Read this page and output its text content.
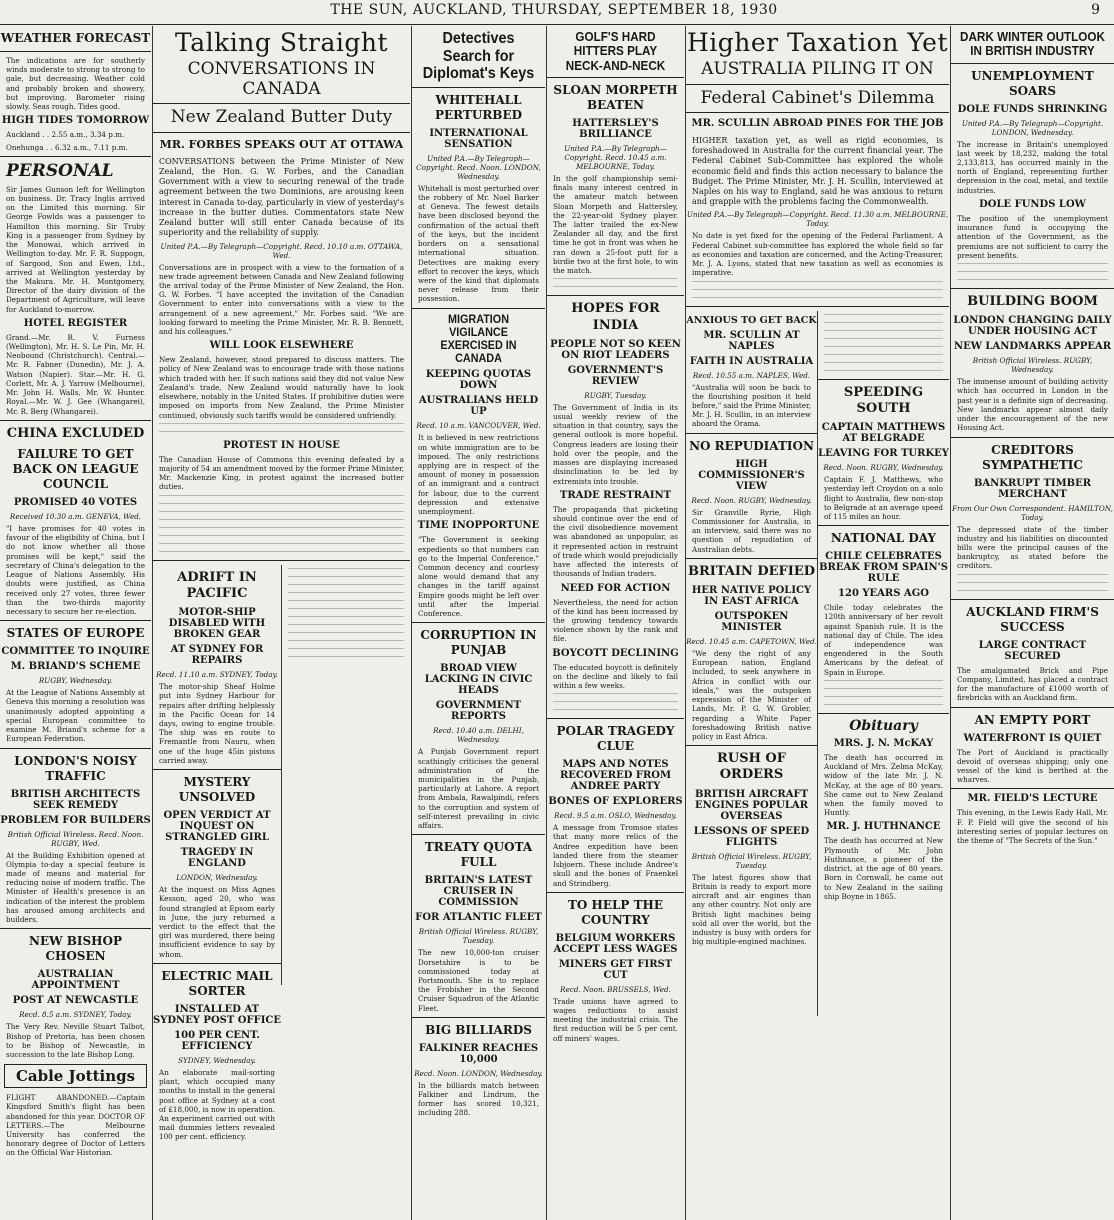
THE SUN, AUCKLAND, THURSDAY, SEPTEMBER 18, 1930	9
WEATHER FORECAST
The indications are for southerly winds moderate to strong to strong to gale, but decreasing. Weather cold and probably broken and showery, but improving. Barometer rising slowly. Seas rough. Tides good.
HIGH TIDES TOMORROW
Auckland . . 2.55 a.m., 3.34 p.m.
Onehunga . . 6.32 a.m., 7.11 p.m.
PERSONAL
Sir James Gunson left for Wellington on business. Dr. Tracy Inglis arrived on the Limited this morning. Sir George Fowlds was a passenger to Hamilton this morning. Sir Truby King is a passenger from Sydney by the Monowai, which arrived in Wellington to-day. Mr. F. R. Suppogn, of Sargood, Son and Ewen, Ltd., arrived at Wellington yesterday by the Makura. Mr. H. Montgomery, Director of the dairy division of the Department of Agriculture, will leave for Auckland to-morrow.
HOTEL REGISTER
Grand.—Mr. R. V. Furness (Wellington), Mr. H. S. Le Pin, Mr. H. Neobound (Christchurch). Central.—Mr. R. Fabner (Dunedin), Mr. J. A. Watson (Napier). Star.—Mr. H. G. Corlett, Mr. A. J. Yarrow (Melbourne), Mr. John H. Walls, Mr. W. Hunter. Royal.—Mr. W. J. Gee (Whangarei), Mr. R. Berg (Whangarei).
CHINA EXCLUDED
FAILURE TO GET BACK ON LEAGUE COUNCIL
PROMISED 40 VOTES
Received 10.30 a.m. GENEVA, Wed.
"I have promises for 40 votes in favour of the eligibility of China, but I do not know whether all those promises will be kept," said the secretary of China's delegation to the League of Nations Assembly. His doubts were justified, as China received only 27 votes, three fewer than the two-thirds majority necessary to secure her re-election.
STATES OF EUROPE
COMMITTEE TO INQUIRE
M. BRIAND'S SCHEME
RUGBY, Wednesday.
At the League of Nations Assembly at Geneva this morning a resolution was unanimously adopted appointing a special European committee to examine M. Briand's scheme for a European Federation.
LONDON'S NOISY TRAFFIC
BRITISH ARCHITECTS SEEK REMEDY
PROBLEM FOR BUILDERS
British Official Wireless. Recd. Noon. RUGBY, Wed.
At the Building Exhibition opened at Olympia to-day a special feature is made of means and material for reducing noise of modern traffic. The Minister of Health's presence is an indication of the interest the problem has aroused among architects and builders.
NEW BISHOP CHOSEN
AUSTRALIAN APPOINTMENT
POST AT NEWCASTLE
Recd. 8.5 a.m. SYDNEY, Today.
The Very Rev. Neville Stuart Talbot, Bishop of Pretoria, has been chosen to be Bishop of Newcastle, in succession to the late Bishop Long.
Cable Jottings
FLIGHT ABANDONED.—Captain Kingsford Smith's flight has been abandoned for this year. DOCTOR OF LETTERS.—The Melbourne University has conferred the honorary degree of Doctor of Letters on the Official War Historian.
Talking Straight
CONVERSATIONS IN CANADA
New Zealand Butter Duty
MR. FORBES SPEAKS OUT AT OTTAWA
CONVERSATIONS between the Prime Minister of New Zealand, the Hon. G. W. Forbes, and the Canadian Government with a view to securing renewal of the trade agreement between the two Dominions, are arousing keen interest in Canada to-day, particularly in view of yesterday's increase in the butter duties. Commentators state New Zealand butter will still enter Canada because of its superiority and the reliability of supply.
United P.A.—By Telegraph—Copyright. Recd. 10.10 a.m. OTTAWA, Wed.
Conversations are in prospect with a view to the formation of a new trade agreement between Canada and New Zealand following the arrival today of the Prime Minister of New Zealand, the Hon. G. W. Forbes. "I have accepted the invitation of the Canadian Government to enter into conversations with a view to the arrangement of a new agreement," Mr. Forbes said. "We are looking forward to meeting the Prime Minister, Mr. R. B. Bennett, and his colleagues."
WILL LOOK ELSEWHERE
New Zealand, however, stood prepared to discuss matters. The policy of New Zealand was to encourage trade with those nations which traded with her. If such nations said they did not value New Zealand's trade, New Zealand would naturally have to look elsewhere, notably in the United States. If prohibitive duties were imposed on imports from New Zealand, the Prime Minister continued, obviously such tariffs would be considered unfriendly.
PROTEST IN HOUSE
The Canadian House of Commons this evening defeated by a majority of 54 an amendment moved by the former Prime Minister, Mr. Mackenzie King, in protest against the increased butter duties.
ADRIFT IN PACIFIC
MOTOR-SHIP DISABLED WITH BROKEN GEAR
AT SYDNEY FOR REPAIRS
Recd. 11.10 a.m. SYDNEY, Today.
The motor-ship Sheaf Holme put into Sydney Harbour for repairs after drifting helplessly in the Pacific Ocean for 14 days, owing to engine trouble. The ship was en route to Fremantle from Nauru, when one of the huge 45in pistons carried away.
MYSTERY UNSOLVED
OPEN VERDICT AT INQUEST ON STRANGLED GIRL
TRAGEDY IN ENGLAND
LONDON, Wednesday.
At the inquest on Miss Agnes Kesson, aged 20, who was found strangled at Epsom early in June, the jury returned a verdict to the effect that the girl was murdered, there being insufficient evidence to say by whom.
ELECTRIC MAIL SORTER
INSTALLED AT SYDNEY POST OFFICE
100 PER CENT. EFFICIENCY
SYDNEY, Wednesday.
An elaborate mail-sorting plant, which occupied many months to install in the general post office at Sydney at a cost of £18,000, is now in operation. An experiment carried out with mail dummies letters revealed 100 per cent. efficiency.
Detectives Search for Diplomat's Keys
WHITEHALL PERTURBED
INTERNATIONAL SENSATION
United P.A.—By Telegraph—Copyright. Recd. Noon. LONDON, Wednesday.
Whitehall is most perturbed over the robbery of Mr. Noel Barker at Geneva. The fewest details have been disclosed beyond the confirmation of the actual theft of the keys, but the incident borders on a sensational international situation. Detectives are making every effort to recover the keys, which were of the kind that diplomats never release from their possession.
MIGRATION VIGILANCE EXERCISED IN CANADA
KEEPING QUOTAS DOWN
AUSTRALIANS HELD UP
Recd. 10 a.m. VANCOUVER, Wed.
It is believed in new restrictions on white immigration are to be imposed. The only restrictions applying are in respect of the amount of money in possession of an immigrant and a contract for labour, due to the current depression and extensive unemployment.
TIME INOPPORTUNE
"The Government is seeking expedients so that numbers can go to the Imperial Conference." Common decency and courtesy alone would demand that any changes in the tariff against Empire goods might be left over until after the Imperial Conference.
CORRUPTION IN PUNJAB
BROAD VIEW LACKING IN CIVIC HEADS
GOVERNMENT REPORTS
Recd. 10.40 a.m. DELHI, Wednesday.
A Punjab Government report scathingly criticises the general administration of the municipalities in the Punjab, particularly at Lahore. A report from Ambala, Rawalpindi, refers to the corruption and system of self-interest prevailing in civic affairs.
TREATY QUOTA FULL
BRITAIN'S LATEST CRUISER IN COMMISSION
FOR ATLANTIC FLEET
British Official Wireless. RUGBY, Tuesday.
The new 10,000-ton cruiser Dorsetshire is to be commissioned today at Portsmouth. She is to replace the Frobisher in the Second Cruiser Squadron of the Atlantic Fleet.
BIG BILLIARDS
FALKINER REACHES 10,000
Recd. Noon. LONDON, Wednesday.
In the billiards match between Falkiner and Lindrum, the former has scored 10,321, including 288.
GOLF'S HARD HITTERS PLAY NECK-AND-NECK
SLOAN MORPETH BEATEN
HATTERSLEY'S BRILLIANCE
United P.A.—By Telegraph—Copyright. Recd. 10.45 a.m. MELBOURNE, Today.
In the golf championship semi-finals many interest centred in the amateur match between Sloan Morpeth and Hattersley, the 22-year-old Sydney player. The latter trailed the ex-New Zealander all day, and the first time he got in front was when he ran down a 25-foot putt for a birdie two at the first hole, to win the match.
HOPES FOR INDIA
PEOPLE NOT SO KEEN ON RIOT LEADERS
GOVERNMENT'S REVIEW
RUGBY, Tuesday.
The Government of India in its usual weekly review of the situation in that country, says the general outlook is more hopeful. Congress leaders are losing their hold over the people, and the masses are displaying increased disinclination to be led by extremists into trouble.
TRADE RESTRAINT
The propaganda that picketing should continue over the end of the civil disobedience movement was abandoned as unpopular, as it represented action in restraint of trade which would prejudicially have affected the interests of thousands of Indian traders.
NEED FOR ACTION
Nevertheless, the need for action of the kind has been increased by the growing tendency towards violence shown by the rank and file.
BOYCOTT DECLINING
The educated boycott is definitely on the decline and likely to fail within a few weeks.
POLAR TRAGEDY CLUE
MAPS AND NOTES RECOVERED FROM ANDREE PARTY
BONES OF EXPLORERS
Recd. 9.5 a.m. OSLO, Wednesday.
A message from Tromsoe states that many more relics of the Andree expedition have been landed there from the steamer Isbjoern. These include Andree's skull and the bones of Fraenkel and Strindberg.
TO HELP THE COUNTRY
BELGIUM WORKERS ACCEPT LESS WAGES
MINERS GET FIRST CUT
Recd. Noon. BRUSSELS, Wed.
Trade unions have agreed to wages reductions to assist meeting the industrial crisis. The first reduction will be 5 per cent. off miners' wages.
Higher Taxation Yet
AUSTRALIA PILING IT ON
Federal Cabinet's Dilemma
MR. SCULLIN ABROAD PINES FOR THE JOB
HIGHER taxation yet, as well as rigid economies, is foreshadowed in Australia for the current financial year. The Federal Cabinet Sub-Committee has explored the whole economic field and finds this action necessary to balance the Budget. The Prime Minister, Mr. J. H. Scullin, interviewed at Naples on his way to England, said he was anxious to return and grapple with the problems facing the Commonwealth.
United P.A.—By Telegraph—Copyright. Recd. 11.30 a.m. MELBOURNE, Today.
No date is yet fixed for the opening of the Federal Parliament. A Federal Cabinet sub-committee has explored the whole field so far as economies and taxation are concerned, and the Acting-Treasurer, Mr. J. A. Lyons, stated that new taxation as well as economies is imperative.
ANXIOUS TO GET BACK
MR. SCULLIN AT NAPLES
FAITH IN AUSTRALIA
Recd. 10.55 a.m. NAPLES, Wed.
"Australia will soon be back to the flourishing position it held before," said the Prime Minister, Mr. J. H. Scullin, in an interview aboard the Orama.
NO REPUDIATION
HIGH COMMISSIONER'S VIEW
Recd. Noon. RUGBY, Wednesday.
Sir Granville Ryrie, High Commissioner for Australia, in an interview, said there was no question of repudiation of Australian debts.
BRITAIN DEFIED
HER NATIVE POLICY IN EAST AFRICA
OUTSPOKEN MINISTER
Recd. 10.45 a.m. CAPETOWN, Wed.
"We deny the right of any European nation, England included, to seek anywhere in Africa in conflict with our ideals," was the outspoken expression of the Minister of Lands, Mr. P. G. W. Grobler, regarding a White Paper foreshadowing British native policy in East Africa.
RUSH OF ORDERS
BRITISH AIRCRAFT ENGINES POPULAR OVERSEAS
LESSONS OF SPEED FLIGHTS
British Official Wireless. RUGBY, Tuesday.
The latest figures show that Britain is ready to export more aircraft and air engines than any other country. Not only are British light machines being sold all over the world, but the industry is busy with orders for big multiple-engined machines.
SPEEDING SOUTH
CAPTAIN MATTHEWS AT BELGRADE
LEAVING FOR TURKEY
Recd. Noon. RUGBY, Wednesday.
Captain F. J. Matthews, who yesterday left Croydon on a solo flight to Australia, flew non-stop to Belgrade at an average speed of 115 miles an hour.
NATIONAL DAY
CHILE CELEBRATES BREAK FROM SPAIN'S RULE
120 YEARS AGO
Chile today celebrates the 120th anniversary of her revolt against Spanish rule. It is the national day of Chile. The idea of independence was engendered in the South Americans by the defeat of Spain in Europe.
Obituary
MRS. J. N. McKAY
The death has occurred in Auckland of Mrs. Zelma McKay, widow of the late Mr. J. N. McKay, at the age of 80 years. She came out to New Zealand when the family moved to Huntly.
MR. J. HUTHNANCE
The death has occurred at New Plymouth of Mr. John Huthnance, a pioneer of the district, at the age of 80 years. Born in Cornwall, he came out to New Zealand in the sailing ship Boyne in 1865.
DARK WINTER OUTLOOK IN BRITISH INDUSTRY
UNEMPLOYMENT SOARS
DOLE FUNDS SHRINKING
United P.A.—By Telegraph—Copyright. LONDON, Wednesday.
The increase in Britain's unemployed last week by 18,232, making the total 2,133,813, has occurred mainly in the north of England, representing further depression in the coal, metal, and textile industries.
DOLE FUNDS LOW
The position of the unemployment insurance fund is occupying the attention of the Government, as the premiums are not sufficient to carry the present benefits.
BUILDING BOOM
LONDON CHANGING DAILY UNDER HOUSING ACT
NEW LANDMARKS APPEAR
British Official Wireless. RUGBY, Wednesday.
The immense amount of building activity which has occurred in London in the past year is a definite sign of decreasing. New landmarks appear almost daily under the encouragement of the new Housing Act.
CREDITORS SYMPATHETIC
BANKRUPT TIMBER MERCHANT
From Our Own Correspondent. HAMILTON, Today.
The depressed state of the timber industry and his liabilities on discounted bills were the principal causes of the bankruptcy, as stated before the creditors.
AUCKLAND FIRM'S SUCCESS
LARGE CONTRACT SECURED
The amalgamated Brick and Pipe Company, Limited, has placed a contract for the manufacture of £1000 worth of firebricks with an Auckland firm.
AN EMPTY PORT
WATERFRONT IS QUIET
The Port of Auckland is practically devoid of overseas shipping; only one vessel of the kind is berthed at the wharves.
MR. FIELD'S LECTURE
This evening, in the Lewis Eady Hall, Mr. F. P. Field will give the second of his interesting series of popular lectures on the theme of "The Secrets of the Sun."
